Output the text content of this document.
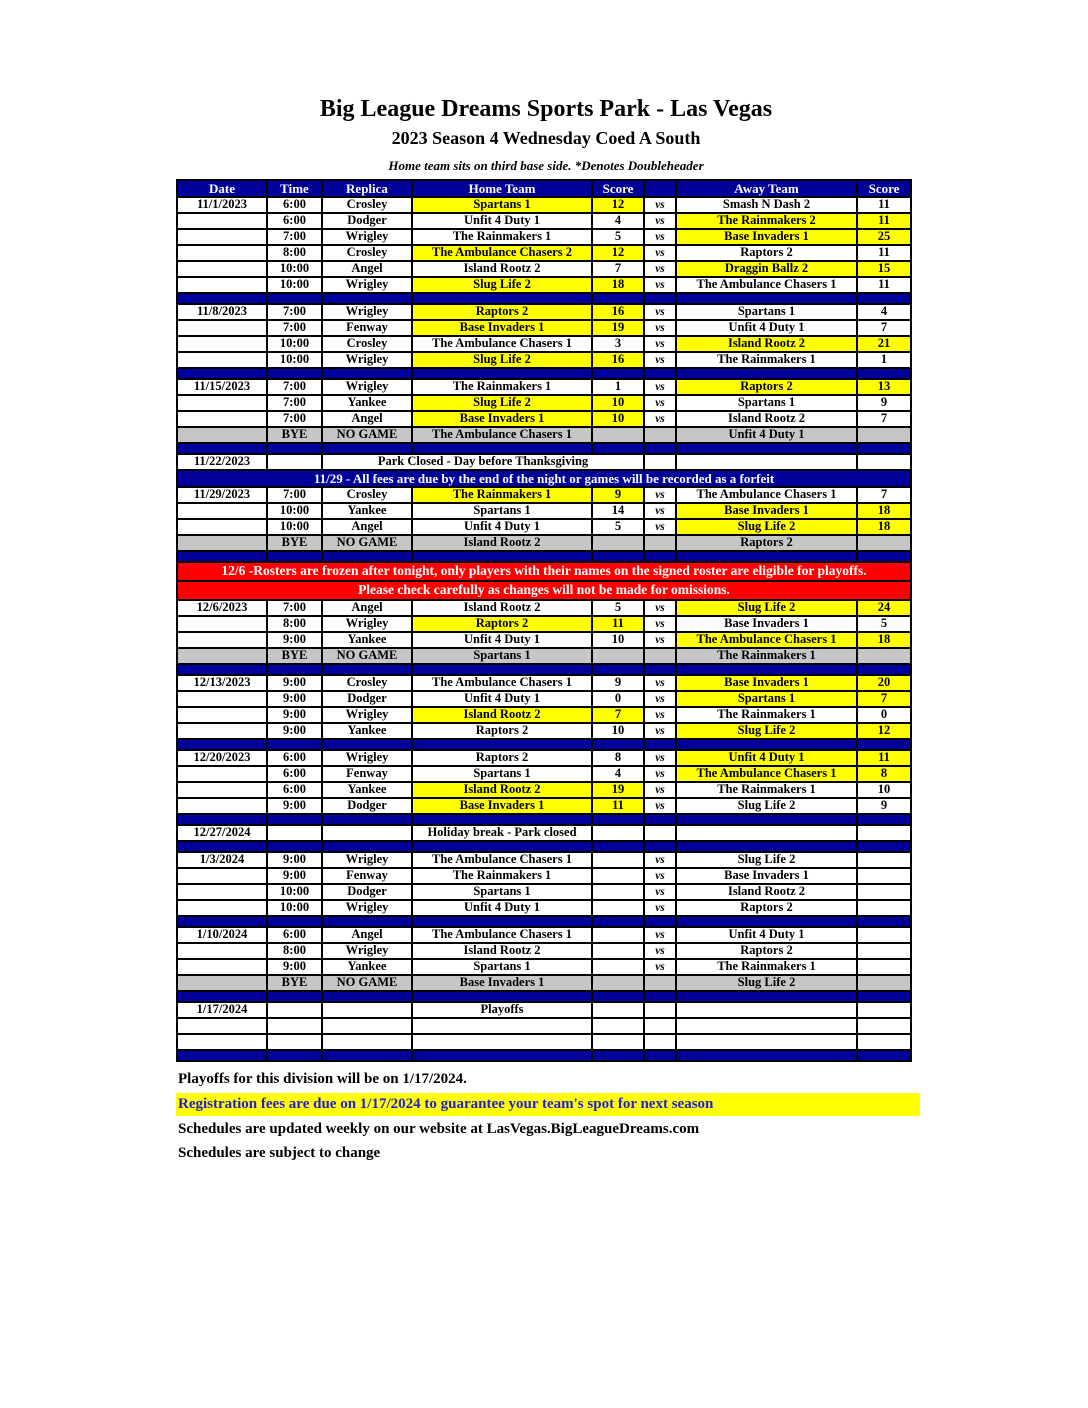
Big League Dreams Sports Park - Las Vegas
2023 Season 4 Wednesday Coed A South
Home team sits on third base side. *Denotes Doubleheader
Date	Time	Replica	Home Team	Score		Away Team	Score
11/1/2023	6:00	Crosley	Spartans 1	12	vs	Smash N Dash 2	11
	6:00	Dodger	Unfit 4 Duty 1	4	vs	The Rainmakers 2	11
	7:00	Wrigley	The Rainmakers 1	5	vs	Base Invaders 1	25
	8:00	Crosley	The Ambulance Chasers 2	12	vs	Raptors 2	11
	10:00	Angel	Island Rootz 2	7	vs	Draggin Ballz 2	15
	10:00	Wrigley	Slug Life 2	18	vs	The Ambulance Chasers 1	11

11/8/2023	7:00	Wrigley	Raptors 2	16	vs	Spartans 1	4
	7:00	Fenway	Base Invaders 1	19	vs	Unfit 4 Duty 1	7
	10:00	Crosley	The Ambulance Chasers 1	3	vs	Island Rootz 2	21
	10:00	Wrigley	Slug Life 2	16	vs	The Rainmakers 1	1

11/15/2023	7:00	Wrigley	The Rainmakers 1	1	vs	Raptors 2	13
	7:00	Yankee	Slug Life 2	10	vs	Spartans 1	9
	7:00	Angel	Base Invaders 1	10	vs	Island Rootz 2	7
	BYE	NO GAME	The Ambulance Chasers 1			Unfit 4 Duty 1	

11/22/2023		Park Closed - Day before Thanksgiving					
11/29 - All fees are due by the end of the night or games will be recorded as a forfeit							
11/29/2023	7:00	Crosley	The Rainmakers 1	9	vs	The Ambulance Chasers 1	7
	10:00	Yankee	Spartans 1	14	vs	Base Invaders 1	18
	10:00	Angel	Unfit 4 Duty 1	5	vs	Slug Life 2	18
	BYE	NO GAME	Island Rootz 2			Raptors 2	

12/6 -Rosters are frozen after tonight, only players with their names on the signed roster are eligible for playoffs.							
Please check carefully as changes will not be made for omissions.							
12/6/2023	7:00	Angel	Island Rootz 2	5	vs	Slug Life 2	24
	8:00	Wrigley	Raptors 2	11	vs	Base Invaders 1	5
	9:00	Yankee	Unfit 4 Duty 1	10	vs	The Ambulance Chasers 1	18
	BYE	NO GAME	Spartans 1			The Rainmakers 1	

12/13/2023	9:00	Crosley	The Ambulance Chasers 1	9	vs	Base Invaders 1	20
	9:00	Dodger	Unfit 4 Duty 1	0	vs	Spartans 1	7
	9:00	Wrigley	Island Rootz 2	7	vs	The Rainmakers 1	0
	9:00	Yankee	Raptors 2	10	vs	Slug Life 2	12

12/20/2023	6:00	Wrigley	Raptors 2	8	vs	Unfit 4 Duty 1	11
	6:00	Fenway	Spartans 1	4	vs	The Ambulance Chasers 1	8
	6:00	Yankee	Island Rootz 2	19	vs	The Rainmakers 1	10
	9:00	Dodger	Base Invaders 1	11	vs	Slug Life 2	9

12/27/2024			Holiday break - Park closed				

1/3/2024	9:00	Wrigley	The Ambulance Chasers 1		vs	Slug Life 2	
	9:00	Fenway	The Rainmakers 1		vs	Base Invaders 1	
	10:00	Dodger	Spartans 1		vs	Island Rootz 2	
	10:00	Wrigley	Unfit 4 Duty 1		vs	Raptors 2	

1/10/2024	6:00	Angel	The Ambulance Chasers 1		vs	Unfit 4 Duty 1	
	8:00	Wrigley	Island Rootz 2		vs	Raptors 2	
	9:00	Yankee	Spartans 1		vs	The Rainmakers 1	
	BYE	NO GAME	Base Invaders 1			Slug Life 2	

1/17/2024			Playoffs				

Playoffs for this division will be on 1/17/2024.
Registration fees are due on 1/17/2024 to guarantee your team's spot for next season
Schedules are updated weekly on our website at LasVegas.BigLeagueDreams.com
Schedules are subject to change
